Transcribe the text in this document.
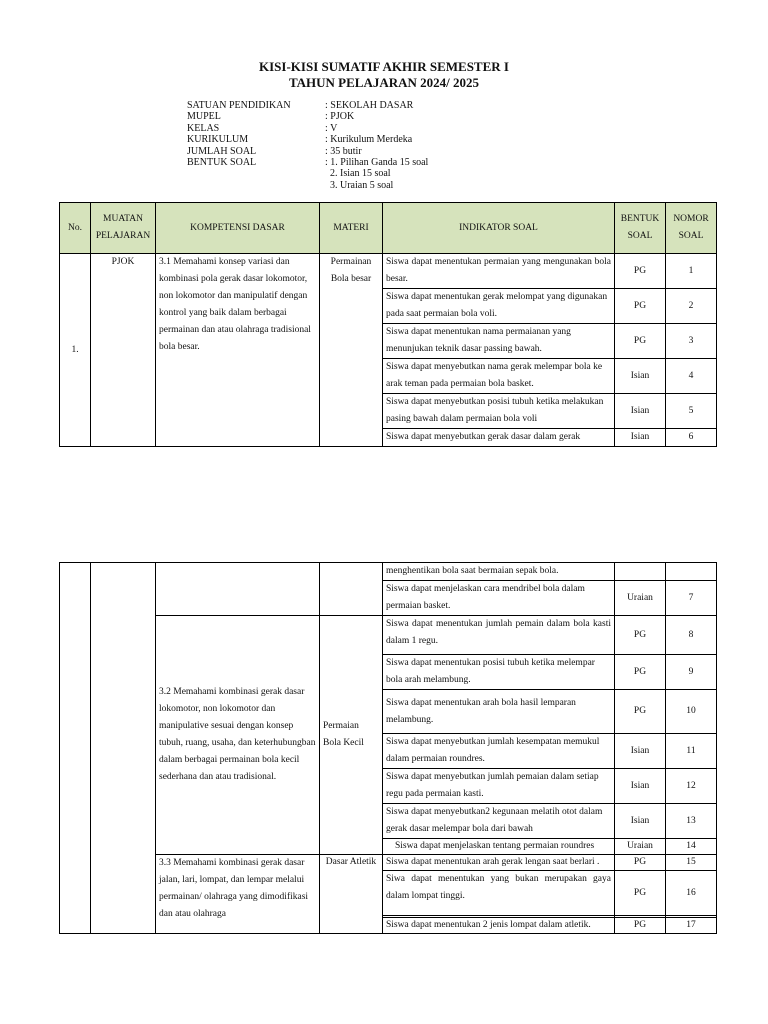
KISI-KISI SUMATIF AKHIR SEMESTER I
TAHUN PELAJARAN 2024/ 2025
SATUAN PENDIDIKAN	: SEKOLAH DASAR
MUPEL	: PJOK
KELAS	: V
KURIKULUM	: Kurikulum Merdeka
JUMLAH SOAL	: 35 butir
BENTUK SOAL	: 1. Pilihan Ganda 15 soal
2. Isian 15 soal
3. Uraian 5 soal
No.	MUATAN PELAJARAN	KOMPETENSI DASAR	MATERI	INDIKATOR SOAL	BENTUK SOAL	NOMOR SOAL
1.	PJOK	3.1 Memahami konsep variasi dan kombinasi pola gerak dasar lokomotor, non lokomotor dan manipulatif dengan kontrol yang baik dalam berbagai permainan dan atau olahraga tradisional bola besar.	Permainan Bola besar	Siswa dapat menentukan permaian yang mengunakan bola besar.	PG	1
				Siswa dapat menentukan gerak melompat yang digunakan pada saat permaian bola voli.	PG	2
				Siswa dapat menentukan nama permaianan yang menunjukan teknik dasar passing bawah.	PG	3
				Siswa dapat menyebutkan nama gerak melempar bola ke arak teman pada permaian bola basket.	Isian	4
				Siswa dapat menyebutkan posisi tubuh ketika melakukan pasing bawah dalam permaian bola voli	Isian	5
				Siswa dapat menyebutkan gerak dasar dalam gerak	Isian	6
				menghentikan bola saat bermaian sepak bola.		
				Siswa dapat menjelaskan cara mendribel bola dalam permaian basket.	Uraian	7
		3.2 Memahami kombinasi gerak dasar lokomotor, non lokomotor dan manipulative sesuai dengan konsep tubuh, ruang, usaha, dan keterhubungban dalam berbagai permainan bola kecil sederhana dan atau tradisional.	Permaian Bola Kecil	Siswa dapat menentukan jumlah pemain dalam bola kasti dalam 1 regu.	PG	8
				Siswa dapat menentukan posisi tubuh ketika melempar bola arah melambung.	PG	9
				Siswa dapat menentukan arah bola hasil lemparan melambung.	PG	10
				Siswa dapat menyebutkan jumlah kesempatan memukul dalam permaian roundres.	Isian	11
				Siswa dapat menyebutkan jumlah pemaian dalam setiap regu pada permaian kasti.	Isian	12
				Siswa dapat menyebutkan2 kegunaan melatih otot dalam gerak dasar melempar bola dari bawah	Isian	13
				Siswa dapat menjelaskan tentang permaian roundres	Uraian	14
		3.3 Memahami kombinasi gerak dasar jalan, lari, lompat, dan lempar melalui permainan/ olahraga yang dimodifikasi dan atau olahraga	Dasar Atletik	Siswa dapat menentukan arah gerak lengan saat berlari .	PG	15
				Siwa dapat menentukan yang bukan merupakan gaya dalam lompat tinggi.	PG	16

				Siswa dapat menentukan 2 jenis lompat dalam atletik.	PG	17
